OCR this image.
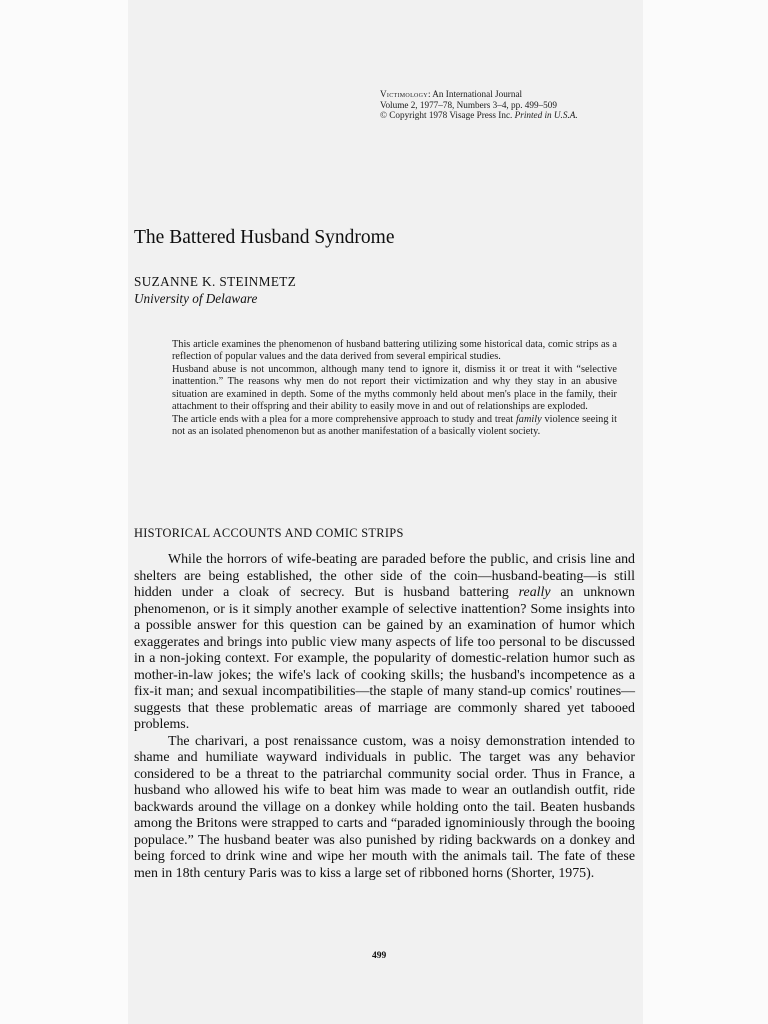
Victimology: An International Journal
Volume 2, 1977–78, Numbers 3–4, pp. 499–509
© Copyright 1978 Visage Press Inc. Printed in U.S.A.
The Battered Husband Syndrome
SUZANNE K. STEINMETZ
University of Delaware

This article examines the phenomenon of husband battering utilizing some historical data, comic strips as a reflection of popular values and the data derived from several empirical studies.

Husband abuse is not uncommon, although many tend to ignore it, dismiss it or treat it with “selective inattention.” The reasons why men do not report their victimization and why they stay in an abusive situation are examined in depth. Some of the myths commonly held about men's place in the family, their attachment to their offspring and their ability to easily move in and out of relationships are exploded.

The article ends with a plea for a more comprehensive approach to study and treat family violence seeing it not as an isolated phenomenon but as another manifestation of a basically violent society.

HISTORICAL ACCOUNTS AND COMIC STRIPS

While the horrors of wife-beating are paraded before the public, and crisis line and shelters are being established, the other side of the coin—husband-beating—is still hidden under a cloak of secrecy. But is husband battering really an unknown phenomenon, or is it simply another example of selective inattention? Some insights into a possible answer for this question can be gained by an examination of humor which exaggerates and brings into public view many aspects of life too personal to be discussed in a non-joking context. For example, the popularity of domestic-relation humor such as mother-in-law jokes; the wife's lack of cooking skills; the husband's incompetence as a fix-it man; and sexual incompatibilities—the staple of many stand-up comics' routines—suggests that these problematic areas of marriage are commonly shared yet tabooed problems.

The charivari, a post renaissance custom, was a noisy demonstration intended to shame and humiliate wayward individuals in public. The target was any behavior considered to be a threat to the patriarchal community social order. Thus in France, a husband who allowed his wife to beat him was made to wear an outlandish outfit, ride backwards around the village on a donkey while holding onto the tail. Beaten husbands among the Britons were strapped to carts and “paraded ignominiously through the booing populace.” The husband beater was also punished by riding backwards on a donkey and being forced to drink wine and wipe her mouth with the animals tail. The fate of these men in 18th century Paris was to kiss a large set of ribboned horns (Shorter, 1975).

499
